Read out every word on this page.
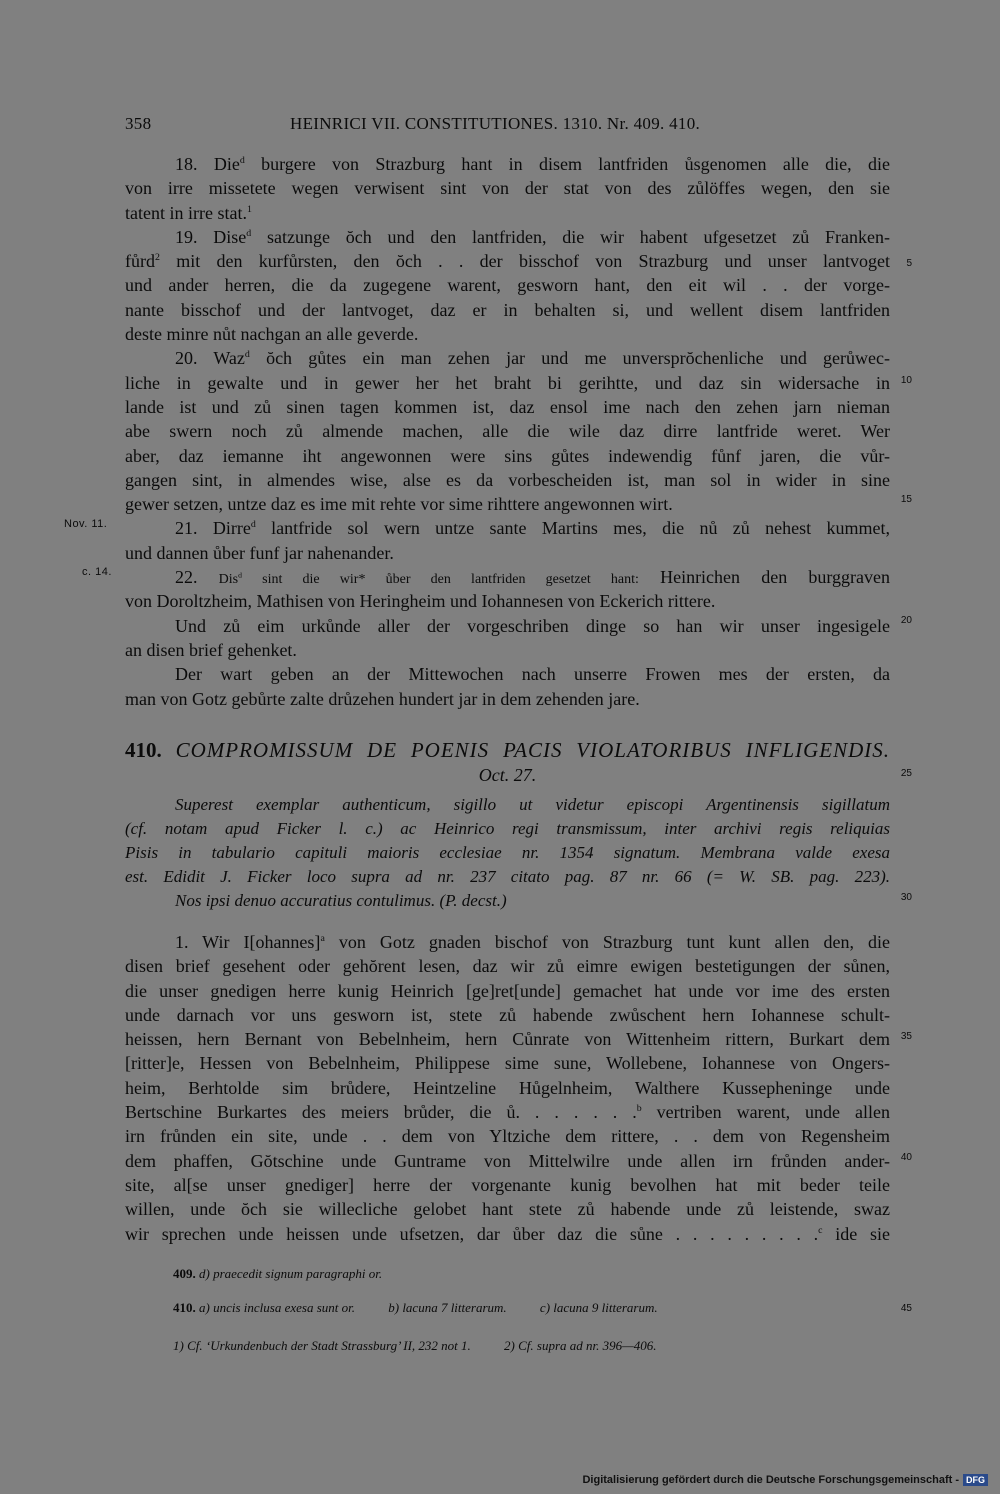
358	HEINRICI VII. CONSTITUTIONES. 1310. Nr. 409. 410.
18. Die$^d$ burgere von Strazburg hant in disem lantfriden ůsgenomen alle die, die
von irre missetete wegen verwisent sint von der stat von des zůlöffes wegen, den sie
tatent in irre stat.$^1$
19. Dise$^d$ satzunge ŏch und den lantfriden, die wir habent ufgesetzet zů Franken-
fůrd$^2$ mit den kurfůrsten, den ŏch . . der bisschof von Strazburg und unser lantvoget
und ander herren, die da zugegene warent, gesworn hant, den eit wil . . der vorge-
nante bisschof und der lantvoget, daz er in behalten si, und wellent disem lantfriden
deste minre nůt nachgan an alle geverde.
20. Waz$^d$ ŏch gůtes ein man zehen jar und me unversprŏchenliche und gerůwec-
liche in gewalte und in gewer her het braht bi gerihtte, und daz sin widersache in
lande ist und zů sinen tagen kommen ist, daz ensol ime nach den zehen jarn nieman
abe swern noch zů almende machen, alle die wile daz dirre lantfride weret. Wer
aber, daz iemanne iht angewonnen were sins gůtes indewendig fůnf jaren, die vůr-
gangen sint, in almendes wise, alse es da vorbescheiden ist, man sol in wider in sine
gewer setzen, untze daz es ime mit rehte vor sime rihttere angewonnen wirt.
21. Dirre$^d$ lantfride sol wern untze sante Martins mes, die nů zů nehest kummet,
und dannen ůber funf jar nahenander.
22. Dis$^d$ sint die wir* ůber den lantfriden gesetzet hant: Heinrichen den burggraven
von Doroltzheim, Mathisen von Heringheim und Iohannesen von Eckerich rittere.
Und zů eim urkůnde aller der vorgeschriben dinge so han wir unser ingesigele
an disen brief gehenket.
Der wart geben an der Mittewochen nach unserre Frowen mes der ersten, da
man von Gotz gebůrte zalte drůzehen hundert jar in dem zehenden jare.
Nov. 11.
c. 14.
5
10
15
20
25
30
35
40
45
410. COMPROMISSUM DE POENIS PACIS VIOLATORIBUS INFLIGENDIS.
Oct. 27.
Superest exemplar authenticum, sigillo ut videtur episcopi Argentinensis sigillatum
(cf. notam apud Ficker l. c.) ac Heinrico regi transmissum, inter archivi regis reliquias
Pisis in tabulario capituli maioris ecclesiae nr. 1354 signatum. Membrana valde exesa
est. Edidit J. Ficker loco supra ad nr. 237 citato pag. 87 nr. 66 (= W. SB. pag. 223).
Nos ipsi denuo accuratius contulimus. (P. decst.)
1. Wir I[ohannes]$^a$ von Gotz gnaden bischof von Strazburg tunt kunt allen den, die
disen brief gesehent oder gehŏrent lesen, daz wir zů eimre ewigen bestetigungen der sůnen,
die unser gnedigen herre kunig Heinrich [ge]ret[unde] gemachet hat unde vor ime des ersten
unde darnach vor uns gesworn ist, stete zů habende zwůschent hern Iohannese schult-
heissen, hern Bernant von Bebelnheim, hern Cůnrate von Wittenheim rittern, Burkart dem
[ritter]e, Hessen von Bebelnheim, Philippese sime sune, Wollebene, Iohannese von Ongers-
heim, Berhtolde sim brůdere, Heintzeline Hůgelnheim, Walthere Kussepheninge unde
Bertschine Burkartes des meiers brůder, die ů. . . . . . .$^b$ vertriben warent, unde allen
irn frůnden ein site, unde . . dem von Yltziche dem rittere, . . dem von Regensheim
dem phaffen, Gŏtschine unde Guntrame von Mittelwilre unde allen irn frůnden ander-
site, al[se unser gnediger] herre der vorgenante kunig bevolhen hat mit beder teile
willen, unde ŏch sie willecliche gelobet hant stete zů habende unde zů leistende, swaz
wir sprechen unde heissen unde ufsetzen, dar ůber daz die sůne . . . . . . . . .$^c$ ide sie
409. d) praecedit signum paragraphi or.
410. a) uncis inclusa exesa sunt or.	b) lacuna 7 litterarum.	c) lacuna 9 litterarum.
1) Cf. ‘Urkundenbuch der Stadt Strassburg’ II, 232 not 1.	2) Cf. supra ad nr. 396—406.
Digitalisierung gefördert durch die Deutsche Forschungsgemeinschaft - DFG
